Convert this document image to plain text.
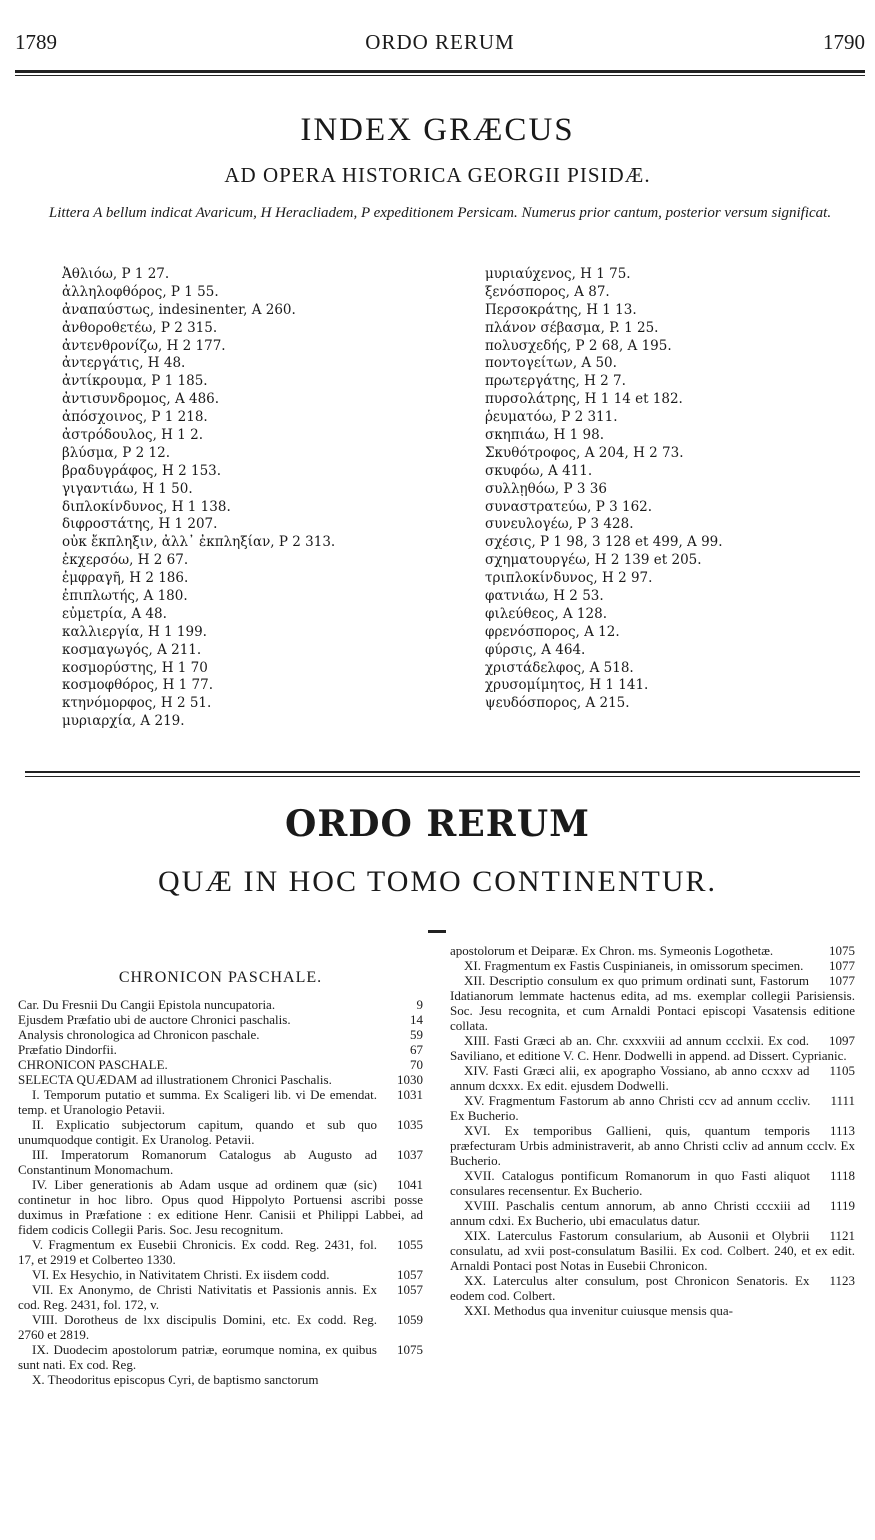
1789	ORDO RERUM	1790
INDEX GRÆCUS
AD OPERA HISTORICA GEORGII PISIDÆ.
Littera A bellum indicat Avaricum, H Heracliadem, P expeditionem Persicam. Numerus prior cantum, posterior versum significat.
Ἀθλιόω, P 1 27.
ἀλληλοφθόρος, P 1 55.
ἀναπαύστως, indesinenter, A 260.
ἀνθοροθετέω, P 2 315.
ἀντενθρονίζω, H 2 177.
ἀντεργάτις, H 48.
ἀντίκρουμα, P 1 185.
ἀντισυνδρομος, A 486.
ἀπόσχοινος, P 1 218.
ἀστρόδουλος, H 1 2.
βλύσμα, P 2 12.
βραδυγράφος, H 2 153.
γιγαντιάω, H 1 50.
διπλοκίνδυνος, H 1 138.
διφροστάτης, H 1 207.
οὐκ ἔκπληξιν, ἀλλ᾽ ἐκπληξίαν, P 2 313.
ἐκχερσόω, H 2 67.
ἐμφραγῆ, H 2 186.
ἐπιπλωτής, A 180.
εὐμετρία, A 48.
καλλιεργία, H 1 199.
κοσμαγωγός, A 211.
κοσμορύστης, H 1 70
κοσμοφθόρος, H 1 77.
κτηνόμορφος, H 2 51.
μυριαρχία, A 219.
μυριαύχενος, H 1 75.
ξενόσπορος, A 87.
Περσοκράτης, H 1 13.
πλάνον σέβασμα, P. 1 25.
πολυσχεδής, P 2 68, A 195.
ποντογείτων, A 50.
πρωτεργάτης, H 2 7.
πυρσολάτρης, H 1 14 et 182.
ῥευματόω, P 2 311.
σκηπιάω, H 1 98.
Σκυθότροφος, A 204, H 2 73.
σκυφόω, A 411.
συλλῃθόω, P 3 36
συναστρατεύω, P 3 162.
συνευλογέω, P 3 428.
σχέσις, P 1 98, 3 128 et 499, A 99.
σχηματουργέω, H 2 139 et 205.
τριπλοκίνδυνος, H 2 97.
φατνιάω, H 2 53.
φιλεύθεος, A 128.
φρενόσπορος, A 12.
φύρσις, A 464.
χριστάδελφος, A 518.
χρυσομίμητος, H 1 141.
ψευδόσπορος, A 215.
ORDO RERUM
QUÆ IN HOC TOMO CONTINENTUR.
CHRONICON PASCHALE.

9
Car. Du Fresnii Du Cangii Epistola nuncupatoria.

14
Ejusdem Præfatio ubi de auctore Chronici paschalis.

59
Analysis chronologica ad Chronicon paschale.

67
Præfatio Dindorfii.

70
CHRONICON PASCHALE.

1030
SELECTA QUÆDAM ad illustrationem Chronici Paschalis.

1031
I. Temporum putatio et summa. Ex Scaligeri lib. vi De emendat. temp. et Uranologio Petavii.

1035
II. Explicatio subjectorum capitum, quando et sub quo unumquodque contigit. Ex Uranolog. Petavii.

1037
III. Imperatorum Romanorum Catalogus ab Augusto ad Constantinum Monomachum.

1041
IV. Liber generationis ab Adam usque ad ordinem quæ (sic) continetur in hoc libro. Opus quod Hippolyto Portuensi ascribi posse duximus in Præfatione : ex editione Henr. Canisii et Philippi Labbei, ad fidem codicis Collegii Paris. Soc. Jesu recognitum.

1055
V. Fragmentum ex Eusebii Chronicis. Ex codd. Reg. 2431, fol. 17, et 2919 et Colberteo 1330.

1057
VI. Ex Hesychio, in Nativitatem Christi. Ex iisdem codd.

1057
VII. Ex Anonymo, de Christi Nativitatis et Passionis annis. Ex cod. Reg. 2431, fol. 172, v.

1059
VIII. Dorotheus de lxx discipulis Domini, etc. Ex codd. Reg. 2760 et 2819.

1075
IX. Duodecim apostolorum patriæ, eorumque nomina, ex quibus sunt nati. Ex cod. Reg.

X. Theodoritus episcopus Cyri, de baptismo sanctorum

1075
apostolorum et Deiparæ. Ex Chron. ms. Symeonis Logothetæ.

1077
XI. Fragmentum ex Fastis Cuspinianeis, in omissorum specimen.

1077
XII. Descriptio consulum ex quo primum ordinati sunt, Fastorum Idatianorum lemmate hactenus edita, ad ms. exemplar collegii Parisiensis. Soc. Jesu recognita, et cum Arnaldi Pontaci episcopi Vasatensis editione collata.

1097
XIII. Fasti Græci ab an. Chr. cxxxviii ad annum ccclxii. Ex cod. Saviliano, et editione V. C. Henr. Dodwelli in append. ad Dissert. Cyprianic.

1105
XIV. Fasti Græci alii, ex apographo Vossiano, ab anno ccxxv ad annum dcxxx. Ex edit. ejusdem Dodwelli.

1111
XV. Fragmentum Fastorum ab anno Christi ccv ad annum cccliv. Ex Bucherio.

1113
XVI. Ex temporibus Gallieni, quis, quantum temporis præfecturam Urbis administraverit, ab anno Christi ccliv ad annum ccclv. Ex Bucherio.

1118
XVII. Catalogus pontificum Romanorum in quo Fasti aliquot consulares recensentur. Ex Bucherio.

1119
XVIII. Paschalis centum annorum, ab anno Christi cccxiii ad annum cdxi. Ex Bucherio, ubi emaculatus datur.

1121
XIX. Laterculus Fastorum consularium, ab Ausonii et Olybrii consulatu, ad xvii post-consulatum Basilii. Ex cod. Colbert. 240, et ex edit. Arnaldi Pontaci post Notas in Eusebii Chronicon.

1123
XX. Laterculus alter consulum, post Chronicon Senatoris. Ex eodem cod. Colbert.

XXI. Methodus qua invenitur cuiusque mensis qua-
